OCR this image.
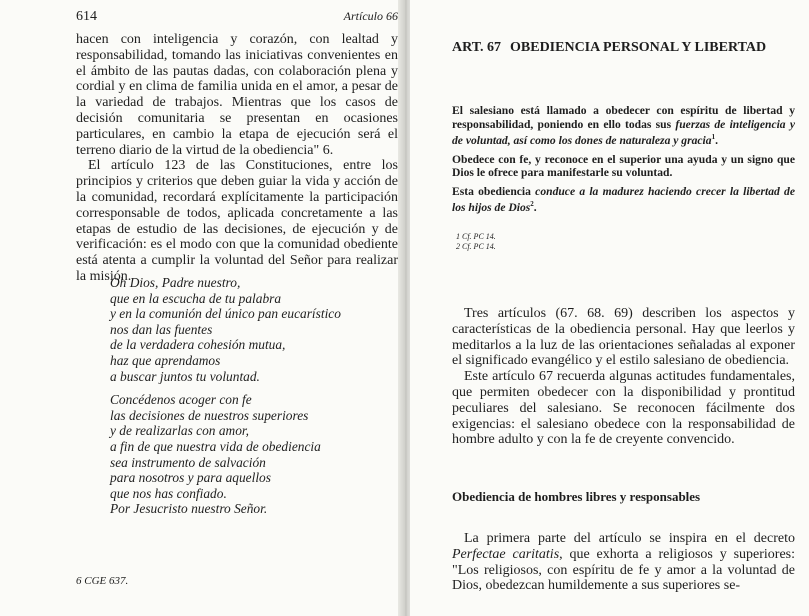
614	Artículo 66

hacen con inteligencia y corazón, con lealtad y responsabilidad, tomando las iniciativas convenientes en el ámbito de las pautas dadas, con colaboración plena y cordial y en clima de familia unida en el amor, a pesar de la variedad de trabajos. Mientras que los casos de decisión comunitaria se presentan en ocasiones particulares, en cambio la etapa de ejecución será el terreno diario de la virtud de la obediencia" 6.

El artículo 123 de las Constituciones, entre los principios y criterios que deben guiar la vida y acción de la comunidad, recordará explícitamente la participación corresponsable de todos, aplicada concretamente a las etapas de estudio de las decisiones, de ejecución y de verificación: es el modo con que la comunidad obediente está atenta a cumplir la voluntad del Señor para realizar la misión.

Oh Dios, Padre nuestro,
que en la escucha de tu palabra
y en la comunión del único pan eucarístico
nos dan las fuentes
de la verdadera cohesión mutua,
haz que aprendamos
a buscar juntos tu voluntad.
Concédenos acoger con fe
las decisiones de nuestros superiores
y de realizarlas con amor,
a fin de que nuestra vida de obediencia
sea instrumento de salvación
para nosotros y para aquellos
que nos has confiado.
Por Jesucristo nuestro Señor.
6 CGE 637.
ART. 67 OBEDIENCIA PERSONAL Y LIBERTAD

El salesiano está llamado a obedecer con espíritu de libertad y responsabilidad, poniendo en ello todas sus fuerzas de inteligencia y de voluntad, así como los dones de naturaleza y gracia$^1$.

Obedece con fe, y reconoce en el superior una ayuda y un signo que Dios le ofrece para manifestarle su voluntad.

Esta obediencia conduce a la madurez haciendo crecer la libertad de los hijos de Dios$^2$.

1 Cf. PC 14.
2 Cf. PC 14.

Tres artículos (67. 68. 69) describen los aspectos y características de la obediencia personal. Hay que leerlos y meditarlos a la luz de las orientaciones señaladas al exponer el significado evangélico y el estilo salesiano de obediencia.

Este artículo 67 recuerda algunas actitudes fundamentales, que permiten obedecer con la disponibilidad y prontitud peculiares del salesiano. Se reconocen fácilmente dos exigencias: el salesiano obedece con la responsabilidad de hombre adulto y con la fe de creyente convencido.

Obediencia de hombres libres y responsables

La primera parte del artículo se inspira en el decreto Perfectae caritatis, que exhorta a religiosos y superiores: "Los religiosos, con espíritu de fe y amor a la voluntad de Dios, obedezcan humildemente a sus superiores se-
